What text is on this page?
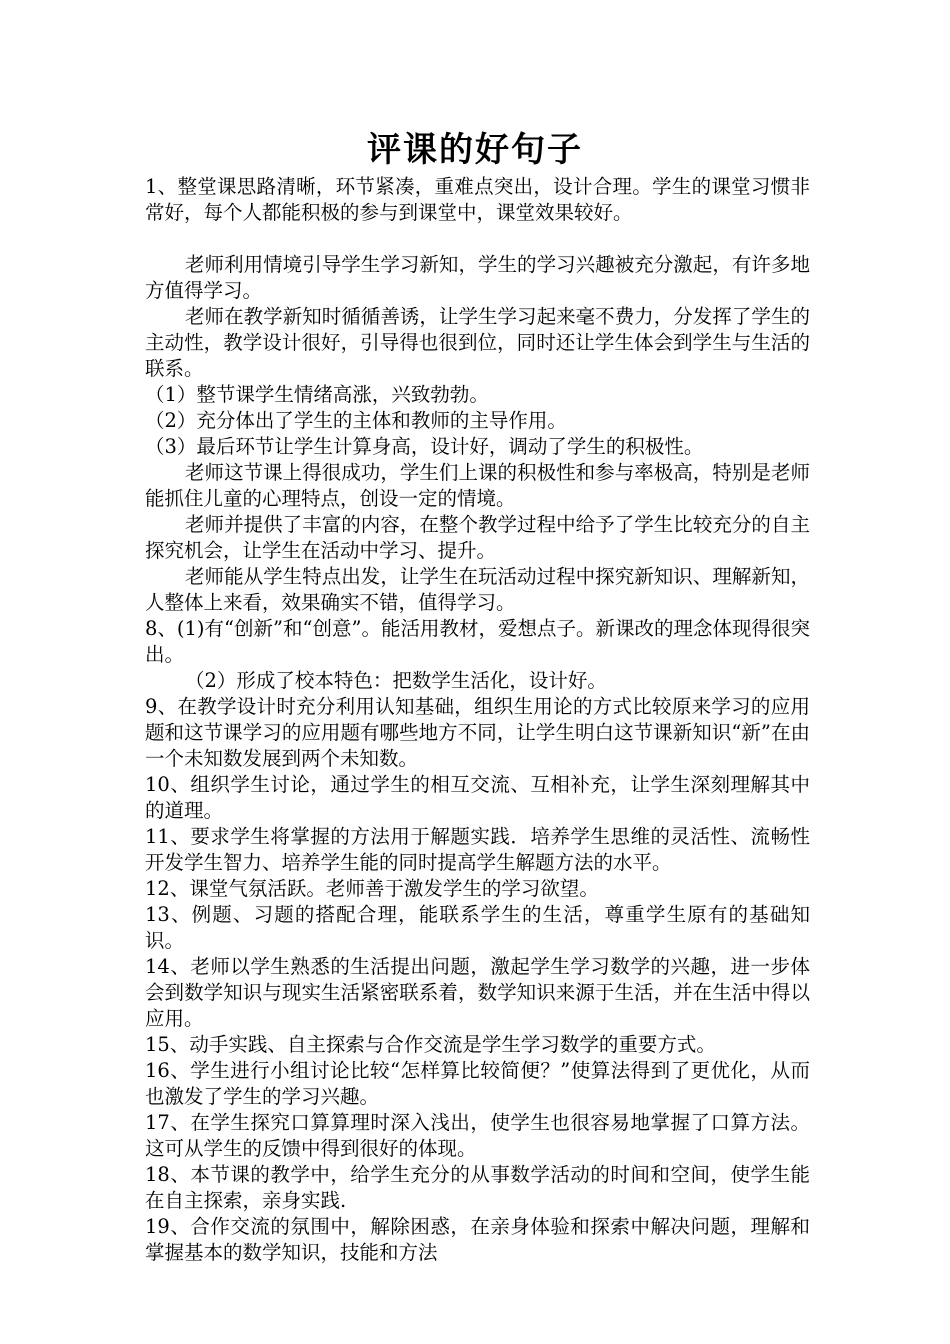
评课的好句子

1、整堂课思路清晰，环节紧凑，重难点突出，设计合理。学生的课堂习惯非常好，每个人都能积极的参与到课堂中，课堂效果较好。

老师利用情境引导学生学习新知，学生的学习兴趣被充分激起，有许多地方值得学习。

老师在教学新知时循循善诱，让学生学习起来毫不费力，分发挥了学生的主动性，教学设计很好，引导得也很到位，同时还让学生体会到学生与生活的联系。

（1）整节课学生情绪高涨，兴致勃勃。

（2）充分体出了学生的主体和教师的主导作用。

（3）最后环节让学生计算身高，设计好，调动了学生的积极性。

老师这节课上得很成功，学生们上课的积极性和参与率极高，特别是老师能抓住儿童的心理特点，创设一定的情境。

老师并提供了丰富的内容，在整个教学过程中给予了学生比较充分的自主探究机会，让学生在活动中学习、提升。

老师能从学生特点出发，让学生在玩活动过程中探究新知识、理解新知，人整体上来看，效果确实不错，值得学习。

8、(1)有“创新”和“创意”。能活用教材，爱想点子。新课改的理念体现得很突出。

（2）形成了校本特色：把数学生活化，设计好。

9、在教学设计时充分利用认知基础，组织生用论的方式比较原来学习的应用题和这节课学习的应用题有哪些地方不同，让学生明白这节课新知识“新”在由一个未知数发展到两个未知数。

10、组织学生讨论，通过学生的相互交流、互相补充，让学生深刻理解其中的道理。

11、要求学生将掌握的方法用于解题实践．培养学生思维的灵活性、流畅性开发学生智力、培养学生能的同时提高学生解题方法的水平。

12、课堂气氛活跃。老师善于激发学生的学习欲望。

13、例题、习题的搭配合理，能联系学生的生活，尊重学生原有的基础知识。

14、老师以学生熟悉的生活提出问题，激起学生学习数学的兴趣，进一步体会到数学知识与现实生活紧密联系着，数学知识来源于生活，并在生活中得以应用。

15、动手实践、自主探索与合作交流是学生学习数学的重要方式。

16、学生进行小组讨论比较“怎样算比较简便？”使算法得到了更优化，从而也激发了学生的学习兴趣。

17、在学生探究口算算理时深入浅出，使学生也很容易地掌握了口算方法。这可从学生的反馈中得到很好的体现。

18、本节课的教学中，给学生充分的从事数学活动的时间和空间，使学生能在自主探索，亲身实践.

19、合作交流的氛围中，解除困惑，在亲身体验和探索中解决问题，理解和掌握基本的数学知识，技能和方法
